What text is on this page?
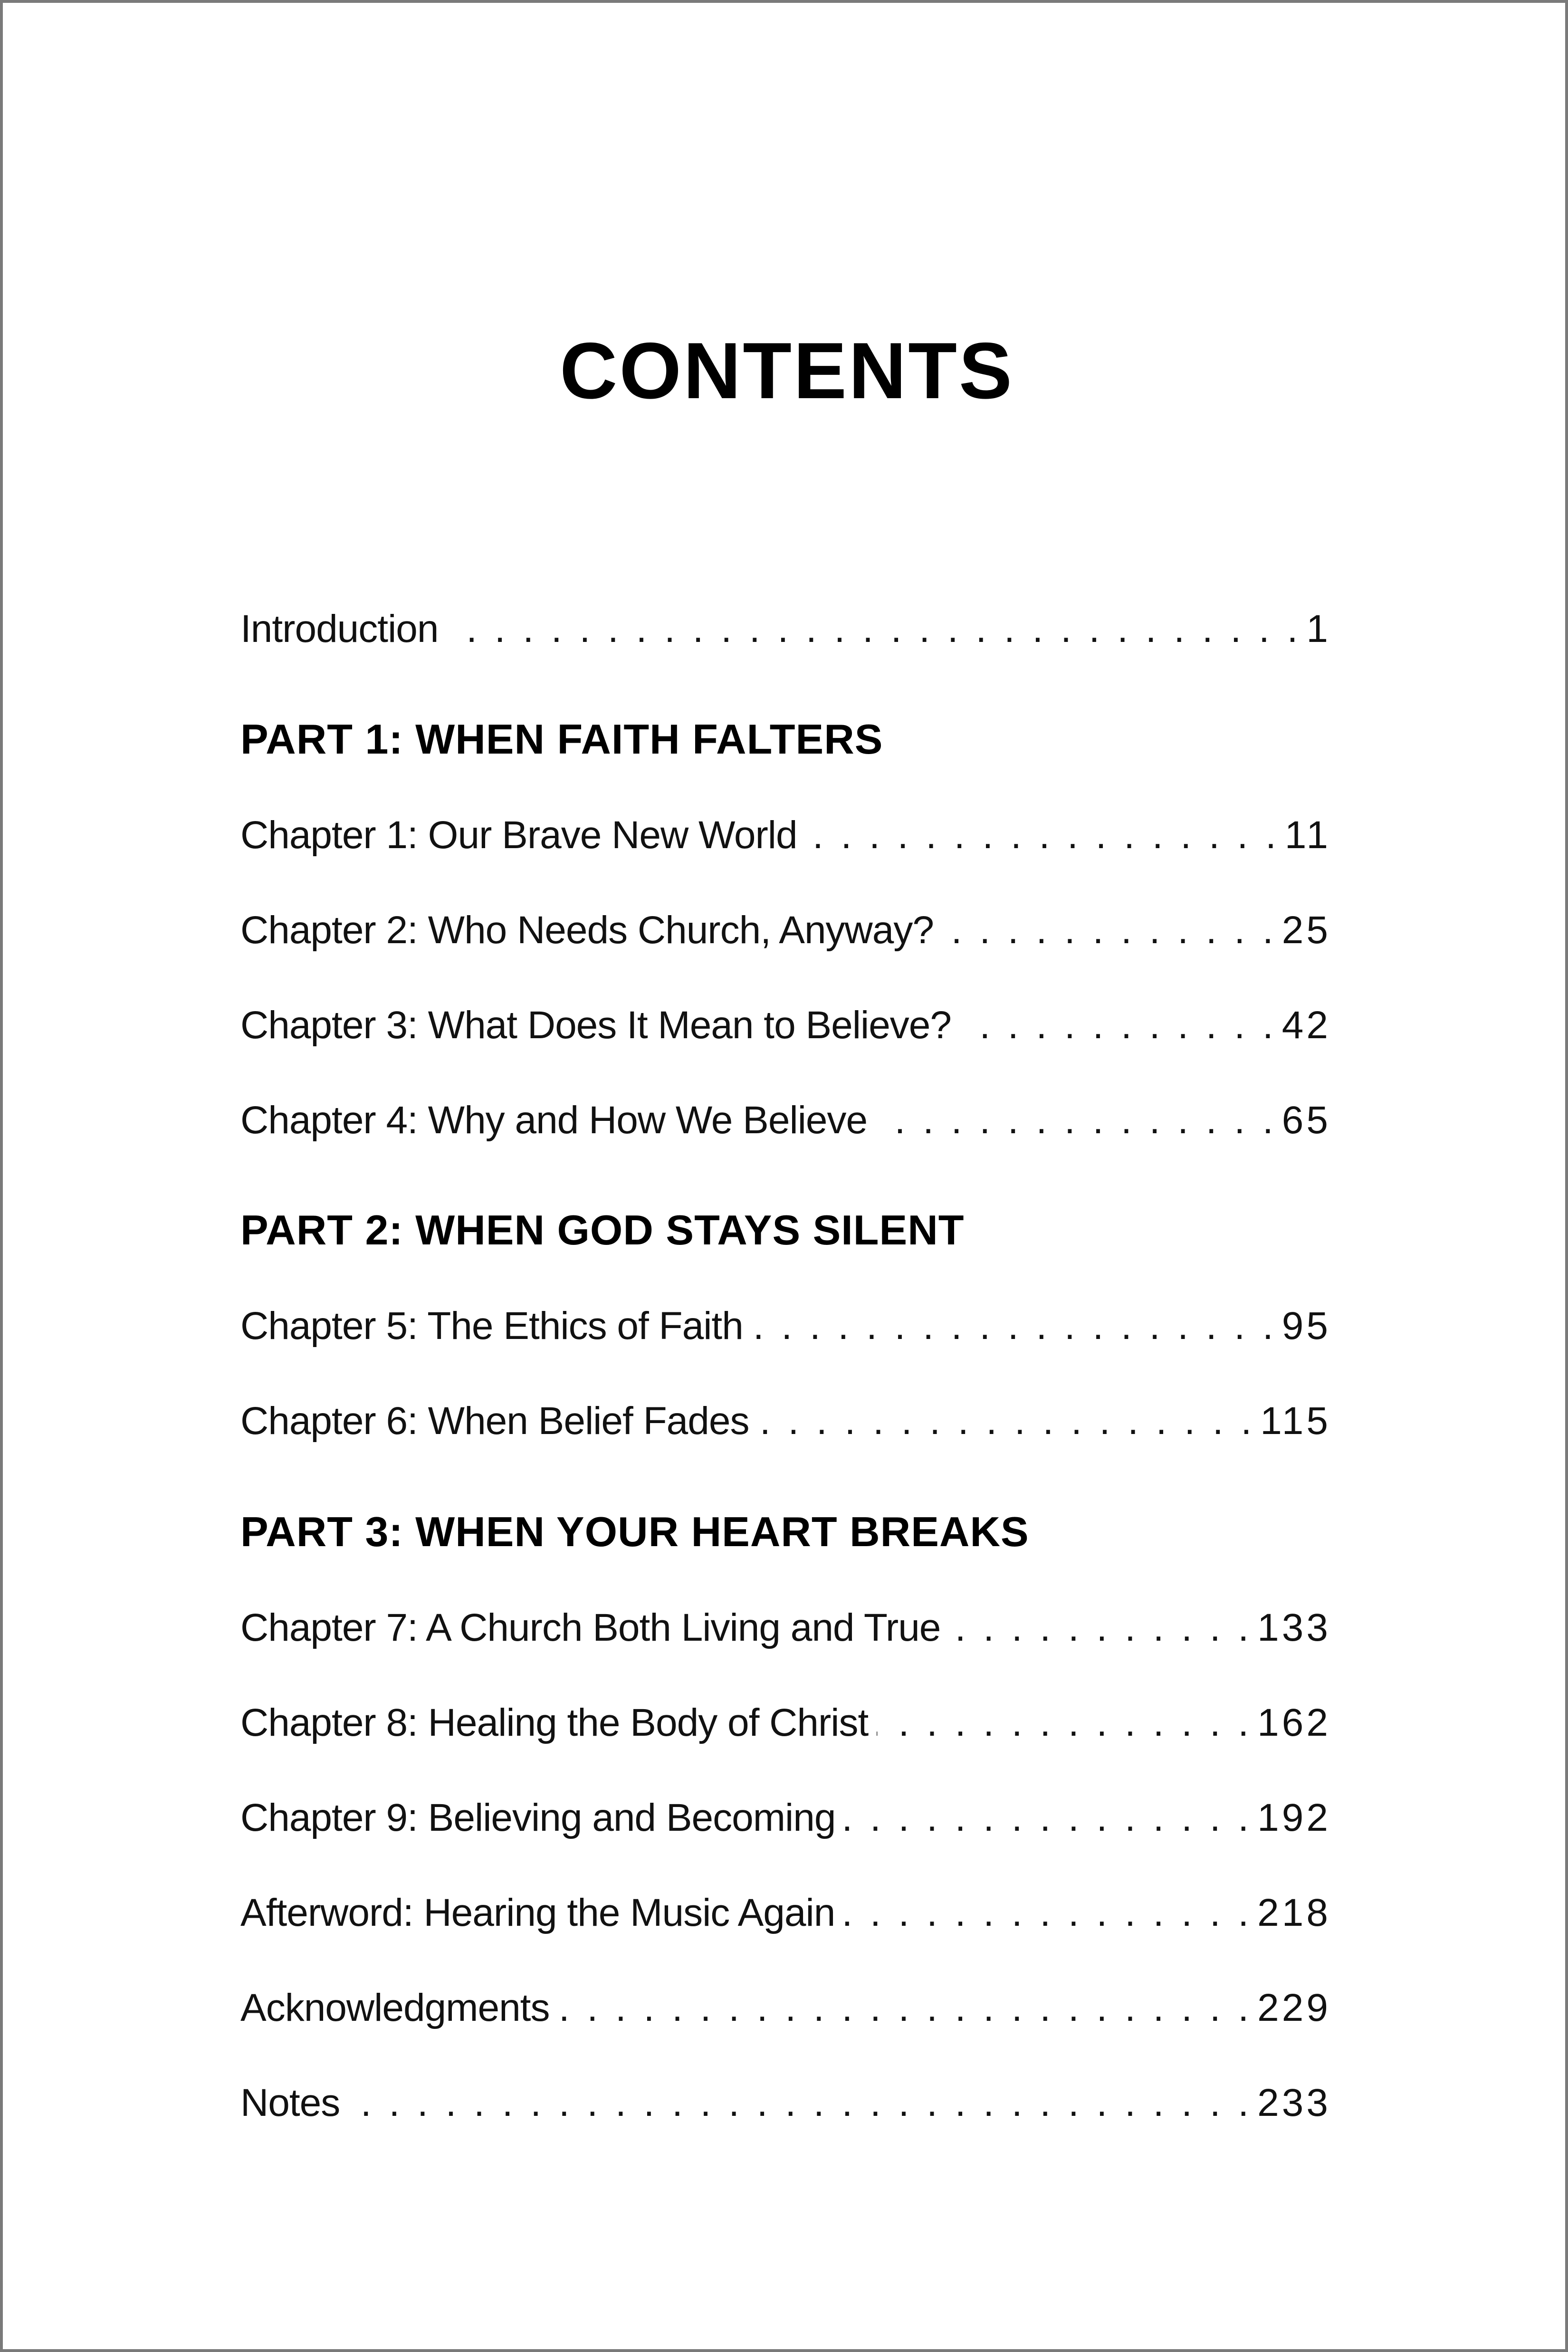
CONTENTS
Introduction . . .	1
PART 1: WHEN FAITH FALTERS
Chapter 1: Our Brave New World . . .	11
Chapter 2: Who Needs Church, Anyway? . . .	25
Chapter 3: What Does It Mean to Believe? . . .	42
Chapter 4: Why and How We Believe . . .	65
PART 2: WHEN GOD STAYS SILENT
Chapter 5: The Ethics of Faith . . .	95
Chapter 6: When Belief Fades . . .	115
PART 3: WHEN YOUR HEART BREAKS
Chapter 7: A Church Both Living and True . . .	133
Chapter 8: Healing the Body of Christ . . .	162
Chapter 9: Believing and Becoming . . .	192
Afterword: Hearing the Music Again . . .	218
Acknowledgments . . .	229
Notes . . .	233
